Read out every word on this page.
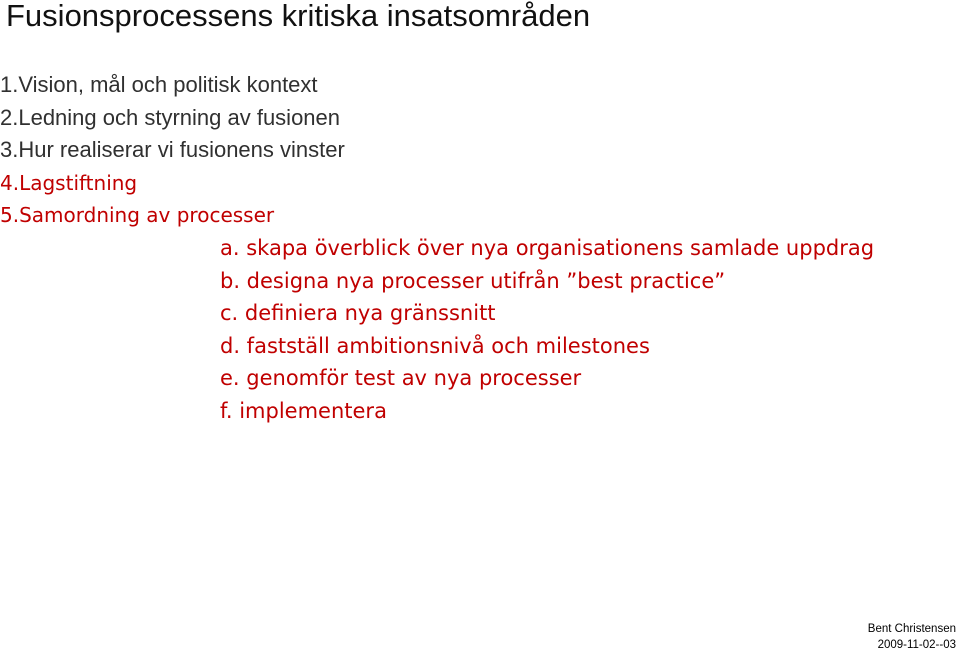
Fusionsprocessens kritiska insatsområden
1.Vision, mål och politisk kontext
2.Ledning och styrning av fusionen
3.Hur realiserar vi fusionens vinster
4.Lagstiftning
5.Samordning av processer
a. skapa överblick över nya organisationens samlade uppdrag
b. designa nya processer utifrån ”best practice”
c. definiera nya gränssnitt
d. fastställ ambitionsnivå och milestones
e. genomför test av nya processer
f. implementera
Bent Christensen
2009-11-02--03
